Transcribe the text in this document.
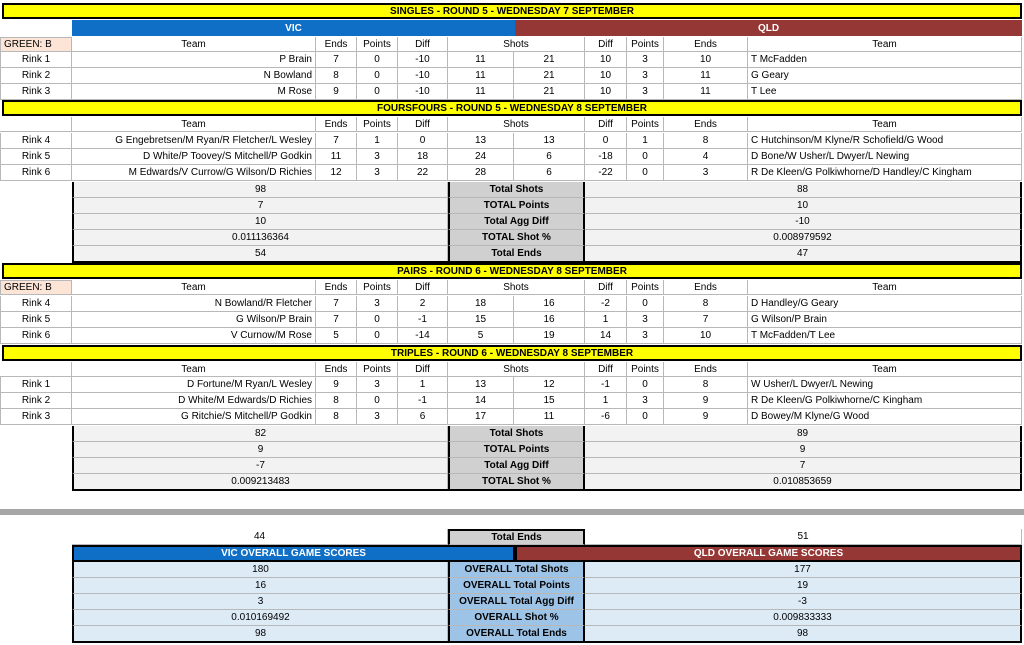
SINGLES - ROUND 5 - WEDNESDAY 7 SEPTEMBER
VIC	QLD
GREEN: B	Team	Ends	Points	Diff	Shots	Diff	Points	Ends	Team
Rink 1	P Brain	7	0	-10	11	21	10	3	10	T McFadden
Rink 2	N Bowland	8	0	-10	11	21	10	3	11	G Geary
Rink 3	M Rose	9	0	-10	11	21	10	3	11	T Lee
FOURSFOURS - ROUND 5 - WEDNESDAY 8 SEPTEMBER
Team	Ends	Points	Diff	Shots	Diff	Points	Ends	Team
Rink 4	G Engebretsen/M Ryan/R Fletcher/L Wesley	7	1	0	13	13	0	1	8	C Hutchinson/M Klyne/R Schofield/G Wood
Rink 5	D White/P Toovey/S Mitchell/P Godkin	11	3	18	24	6	-18	0	4	D Bone/W Usher/L Dwyer/L Newing
Rink 6	M Edwards/V Currow/G Wilson/D Richies	12	3	22	28	6	-22	0	3	R De Kleen/G Polkiwhorne/D Handley/C Kingham
98	Total Shots	88
7	TOTAL Points	10
10	Total Agg Diff	-10
0.011136364	TOTAL Shot %	0.008979592
54	Total Ends	47
PAIRS - ROUND 6 - WEDNESDAY 8 SEPTEMBER
GREEN: B	Team	Ends	Points	Diff	Shots	Diff	Points	Ends	Team
Rink 4	N Bowland/R Fletcher	7	3	2	18	16	-2	0	8	D Handley/G Geary
Rink 5	G Wilson/P Brain	7	0	-1	15	16	1	3	7	G Wilson/P Brain
Rink 6	V Curnow/M Rose	5	0	-14	5	19	14	3	10	T McFadden/T Lee
TRIPLES - ROUND 6 - WEDNESDAY 8 SEPTEMBER
Team	Ends	Points	Diff	Shots	Diff	Points	Ends	Team
Rink 1	D Fortune/M Ryan/L Wesley	9	3	1	13	12	-1	0	8	W Usher/L Dwyer/L Newing
Rink 2	D White/M Edwards/D Richies	8	0	-1	14	15	1	3	9	R De Kleen/G Polkiwhorne/C Kingham
Rink 3	G Ritchie/S Mitchell/P Godkin	8	3	6	17	11	-6	0	9	D Bowey/M Klyne/G Wood
82	Total Shots	89
9	TOTAL Points	9
-7	Total Agg Diff	7
0.009213483	TOTAL Shot %	0.010853659
44	Total Ends	51
VIC OVERALL GAME SCORES	QLD OVERALL GAME SCORES
180	OVERALL Total Shots	177
16	OVERALL Total Points	19
3	OVERALL Total Agg Diff	-3
0.010169492	OVERALL Shot %	0.009833333
98	OVERALL Total Ends	98
